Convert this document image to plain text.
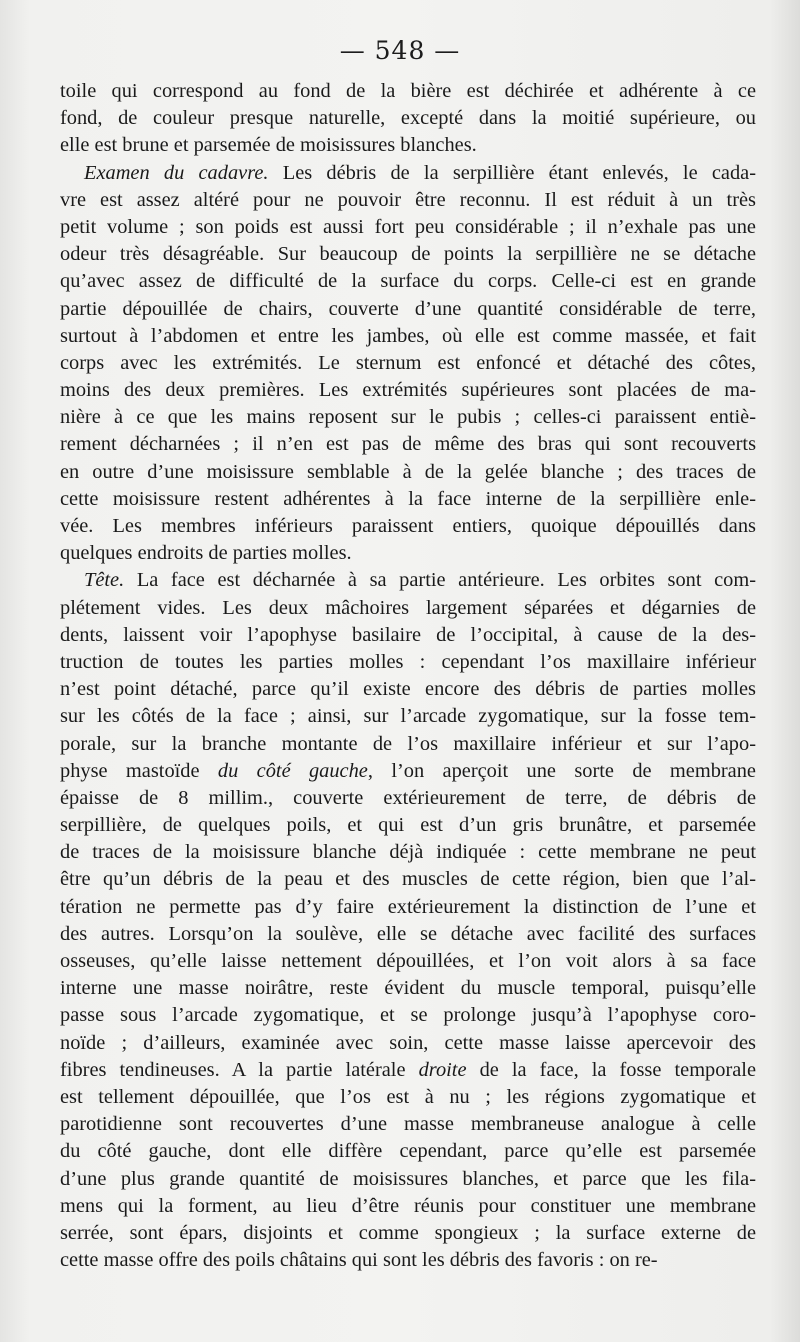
— 548 —
toile qui correspond au fond de la bière est déchirée et adhérente à ce
fond, de couleur presque naturelle, excepté dans la moitié supérieure, ou
elle est brune et parsemée de moisissures blanches.
Examen du cadavre. Les débris de la serpillière étant enlevés, le cada-
vre est assez altéré pour ne pouvoir être reconnu. Il est réduit à un très
petit volume ; son poids est aussi fort peu considérable ; il n’exhale pas une
odeur très désagréable. Sur beaucoup de points la serpillière ne se détache
qu’avec assez de difficulté de la surface du corps. Celle-ci est en grande
partie dépouillée de chairs, couverte d’une quantité considérable de terre,
surtout à l’abdomen et entre les jambes, où elle est comme massée, et fait
corps avec les extrémités. Le sternum est enfoncé et détaché des côtes,
moins des deux premières. Les extrémités supérieures sont placées de ma-
nière à ce que les mains reposent sur le pubis ; celles-ci paraissent entiè-
rement décharnées ; il n’en est pas de même des bras qui sont recouverts
en outre d’une moisissure semblable à de la gelée blanche ; des traces de
cette moisissure restent adhérentes à la face interne de la serpillière enle-
vée. Les membres inférieurs paraissent entiers, quoique dépouillés dans
quelques endroits de parties molles.
Tête. La face est décharnée à sa partie antérieure. Les orbites sont com-
plétement vides. Les deux mâchoires largement séparées et dégarnies de
dents, laissent voir l’apophyse basilaire de l’occipital, à cause de la des-
truction de toutes les parties molles : cependant l’os maxillaire inférieur
n’est point détaché, parce qu’il existe encore des débris de parties molles
sur les côtés de la face ; ainsi, sur l’arcade zygomatique, sur la fosse tem-
porale, sur la branche montante de l’os maxillaire inférieur et sur l’apo-
physe mastoïde du côté gauche, l’on aperçoit une sorte de membrane
épaisse de 8 millim., couverte extérieurement de terre, de débris de
serpillière, de quelques poils, et qui est d’un gris brunâtre, et parsemée
de traces de la moisissure blanche déjà indiquée : cette membrane ne peut
être qu’un débris de la peau et des muscles de cette région, bien que l’al-
tération ne permette pas d’y faire extérieurement la distinction de l’une et
des autres. Lorsqu’on la soulève, elle se détache avec facilité des surfaces
osseuses, qu’elle laisse nettement dépouillées, et l’on voit alors à sa face
interne une masse noirâtre, reste évident du muscle temporal, puisqu’elle
passe sous l’arcade zygomatique, et se prolonge jusqu’à l’apophyse coro-
noïde ; d’ailleurs, examinée avec soin, cette masse laisse apercevoir des
fibres tendineuses. A la partie latérale droite de la face, la fosse temporale
est tellement dépouillée, que l’os est à nu ; les régions zygomatique et
parotidienne sont recouvertes d’une masse membraneuse analogue à celle
du côté gauche, dont elle diffère cependant, parce qu’elle est parsemée
d’une plus grande quantité de moisissures blanches, et parce que les fila-
mens qui la forment, au lieu d’être réunis pour constituer une membrane
serrée, sont épars, disjoints et comme spongieux ; la surface externe de
cette masse offre des poils châtains qui sont les débris des favoris : on re-
